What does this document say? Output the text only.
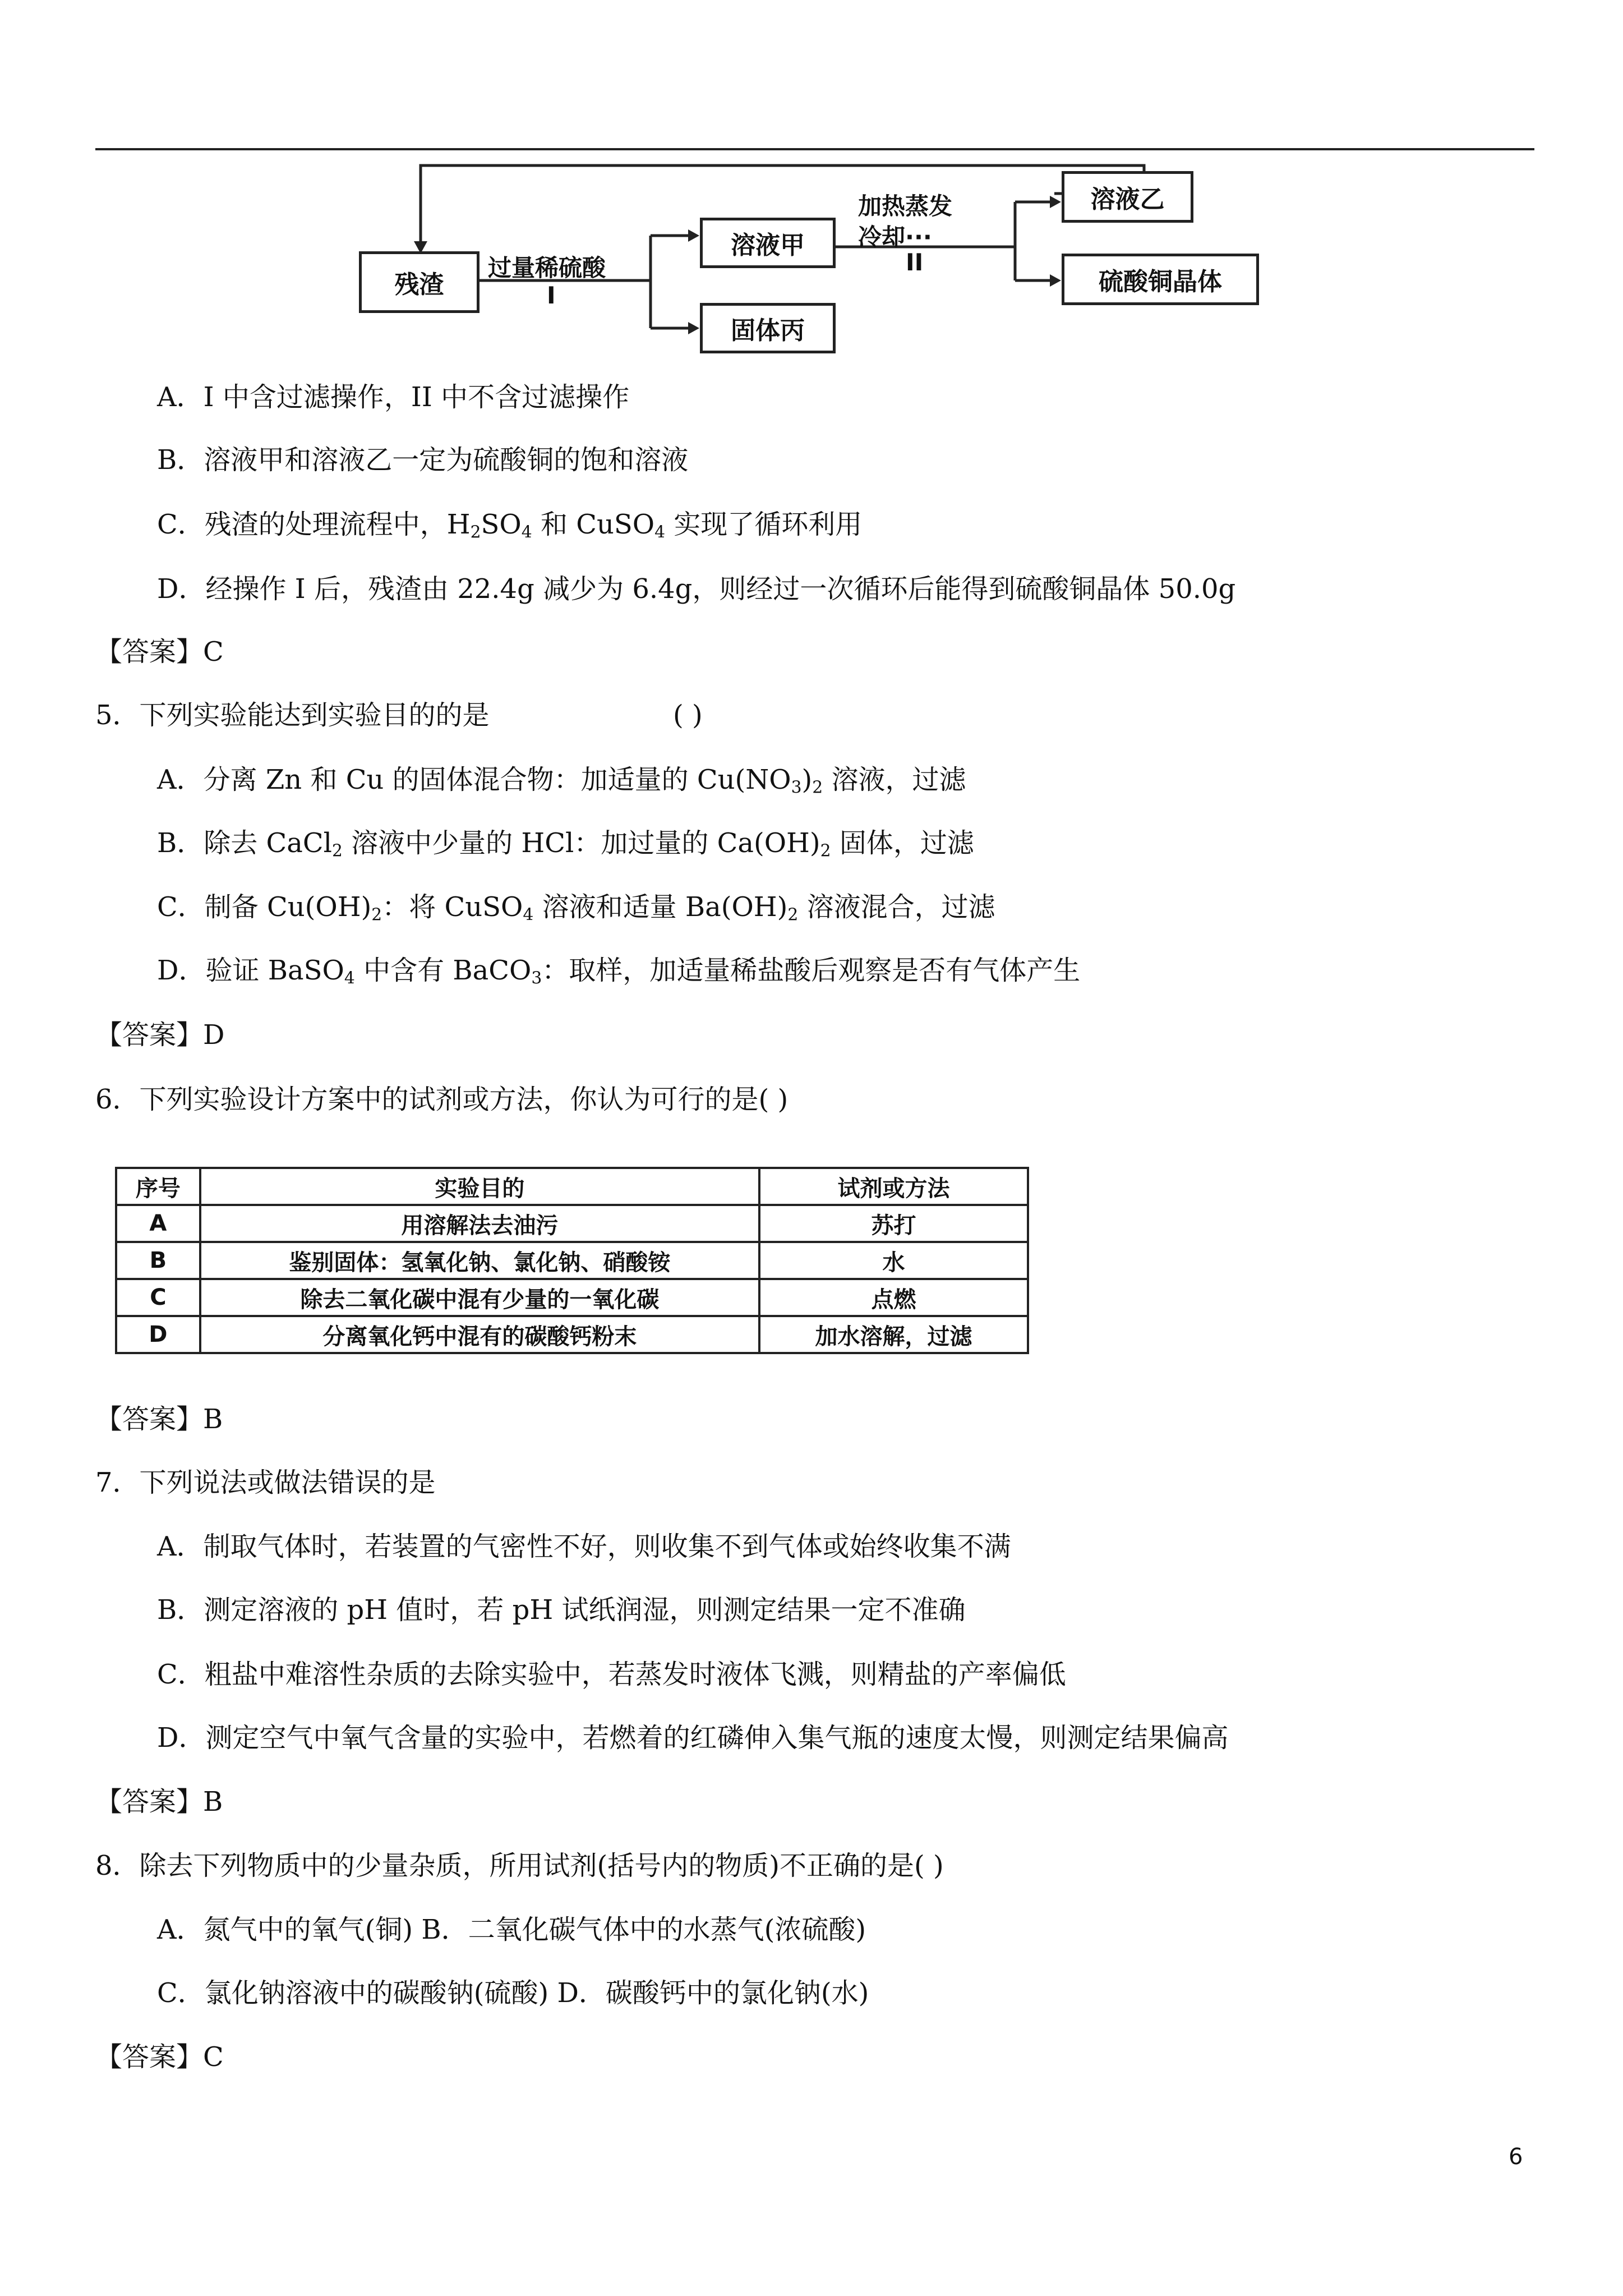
残渣
过量稀硫酸
I
溶液甲
固体丙
加热蒸发
冷却···
II
溶液乙
硫酸铜晶体
A．I 中含过滤操作，II 中不含过滤操作
B．溶液甲和溶液乙一定为硫酸铜的饱和溶液
C．残渣的处理流程中，$H_2SO_4$ 和 CuSO$_4$ 实现了循环利用
D．经操作 I 后，残渣由 22.4g 减少为 6.4g，则经过一次循环后能得到硫酸铜晶体 50.0g
【答案】C
5．下列实验能达到实验目的的是	( )
A．分离 Zn 和 Cu 的固体混合物：加适量的 $Cu(NO_3)_2$ 溶液，过滤
B．除去 CaCl$_2$ 溶液中少量的 HCl：加过量的 $Ca(OH)_2$ 固体，过滤
C．制备 $Cu(OH)_2$：将 CuSO$_4$ 溶液和适量 $Ba(OH)_2$ 溶液混合，过滤
D．验证 BaSO$_4$ 中含有 BaCO$_3$：取样，加适量稀盐酸后观察是否有气体产生
【答案】D
6．下列实验设计方案中的试剂或方法，你认为可行的是( )
序号	实验目的	试剂或方法
A	用溶解法去油污	苏打
B	鉴别固体：氢氧化钠、氯化钠、硝酸铵	水
C	除去二氧化碳中混有少量的一氧化碳	点燃
D	分离氧化钙中混有的碳酸钙粉末	加水溶解，过滤
【答案】B
7．下列说法或做法错误的是
A．制取气体时，若装置的气密性不好，则收集不到气体或始终收集不满
B．测定溶液的 pH 值时，若 pH 试纸润湿，则测定结果一定不准确
C．粗盐中难溶性杂质的去除实验中，若蒸发时液体飞溅，则精盐的产率偏低
D．测定空气中氧气含量的实验中，若燃着的红磷伸入集气瓶的速度太慢，则测定结果偏高
【答案】B
8．除去下列物质中的少量杂质，所用试剂(括号内的物质)不正确的是( )
A．氮气中的氧气(铜) B．二氧化碳气体中的水蒸气(浓硫酸)
C．氯化钠溶液中的碳酸钠(硫酸) D．碳酸钙中的氯化钠(水)
【答案】C
6
